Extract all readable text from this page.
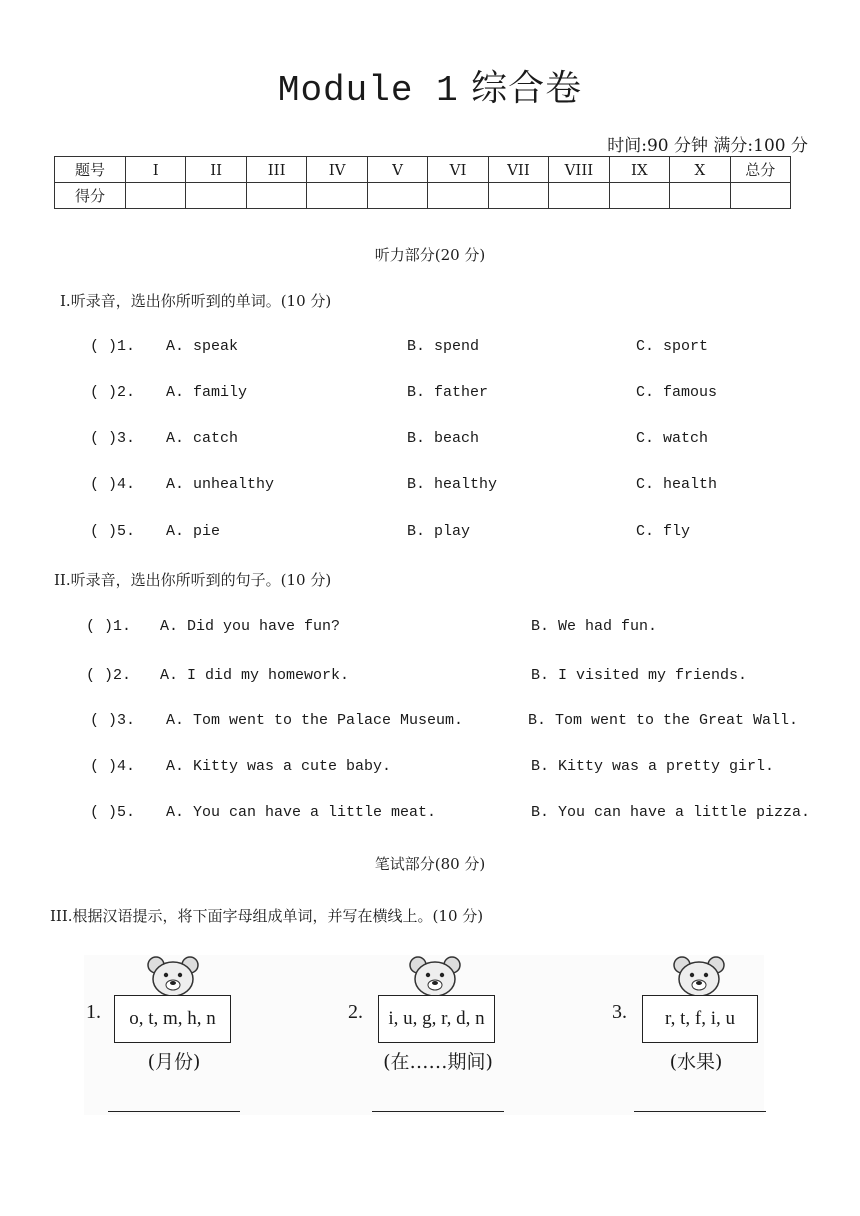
Module 1 综合卷
时间:90 分钟 满分:100 分
题号	I	II	III	IV	V	VI	VII	VIII	IX	X	总分
得分											
听力部分(20 分)
I.听录音，选出你所听到的单词。(10 分)
( )1. A. speak	B. spend	C. sport
( )2. A. family	B. father	C. famous
( )3. A. catch	B. beach	C. watch
( )4. A. unhealthy	B. healthy	C. health
( )5. A. pie	B. play	C. fly
II.听录音，选出你所听到的句子。(10 分)
( )1. A. Did you have fun?	B. We had fun.
( )2. A. I did my homework.	B. I visited my friends.
( )3. A. Tom went to the Palace Museum.	B. Tom went to the Great Wall.
( )4. A. Kitty was a cute baby.	B. Kitty was a pretty girl.
( )5. A. You can have a little meat.	B. You can have a little pizza.
笔试部分(80 分)
III.根据汉语提示，将下面字母组成单词，并写在横线上。(10 分)
1.	o, t, m, h, n
(月份)
2.	i, u, g, r, d, n
(在……期间)
3.	r, t, f, i, u
(水果)
